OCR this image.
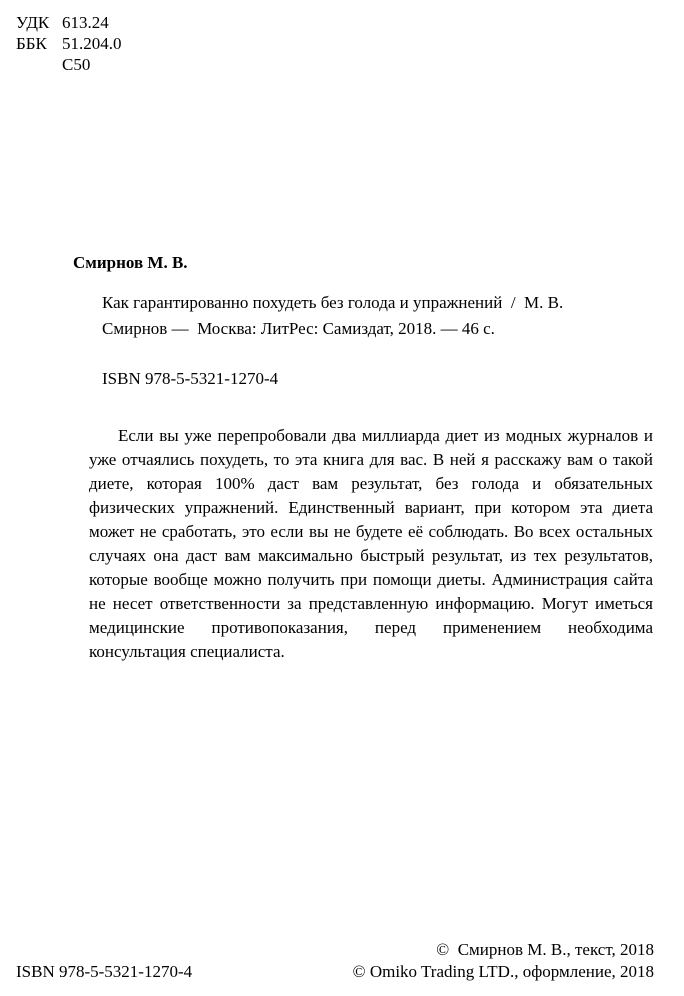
УДК 613.24
ББК 51.204.0
С50
Смирнов М. В.
Как гарантированно похудеть без голода и упражнений  /  М. В.
Смирнов —  Москва: ЛитРес: Самиздат, 2018. — 46 с.
ISBN 978-5-5321-1270-4
Если вы уже перепробовали два миллиарда диет из модных журналов и уже отчаялись похудеть, то эта книга для вас. В ней я расскажу вам о такой диете, которая 100% даст вам результат, без голода и обязательных физических упражнений. Единственный вариант, при котором эта диета может не сработать, это если вы не будете её соблюдать. Во всех остальных случаях она даст вам максимально быстрый результат, из тех результатов, которые вообще можно получить при помощи диеты. Администрация сайта не несет ответственности за представленную информацию. Могут иметься медицинские противопоказания, перед применением необходима консультация специалиста.
ISBN 978-5-5321-1270-4
©  Смирнов М. В., текст, 2018
© Omiko Trading LTD., оформление, 2018
